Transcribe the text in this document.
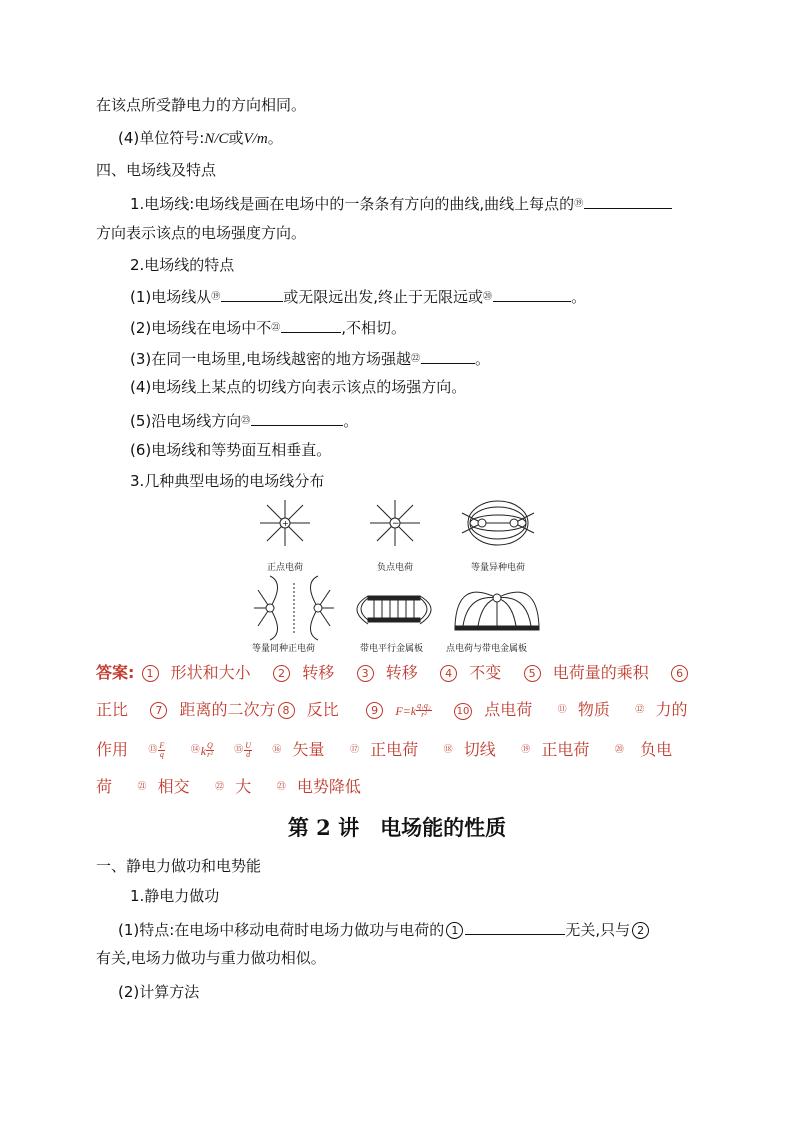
在该点所受静电力的方向相同。
(4)单位符号:N/C或V/m。
四、电场线及特点
1.电场线:电场线是画在电场中的一条条有方向的曲线,曲线上每点的⑲
方向表示该点的电场强度方向。
2.电场线的特点
(1)电场线从⑲	或无限远出发,终止于无限远或⑳	。
(2)电场线在电场中不㉑	,不相切。
(3)在同一电场里,电场线越密的地方场强越㉒	。
(4)电场线上某点的切线方向表示该点的场强方向。
(5)沿电场线方向㉓	。
(6)电场线和等势面互相垂直。
3.几种典型电场的电场线分布
+	−
正点电荷	负点电荷	等量异种电荷
等量同种正电荷	带电平行金属板	点电荷与带电金属板
答案: 1 形状和大小 2 转移 3 转移 4 不变 5 电荷量的乘积 6
正比 7 距离的二次方 8 反比	9 $F=k \frac{\text{q₁q₂}}{\text{r²}} 10$ 点电荷	⑪ 物质	⑫ 力的
作用 ⑬ $\frac{F}{q}$	⑭k $\frac{Q}{\text{r²}}$ ⑮ $\frac{U}{d}$ ⑯ 矢量	⑰ 正电荷	⑱ 切线	⑲ 正电荷	⑳ 负电
荷	㉑ 相交	㉒ 大	㉓ 电势降低
第 2 讲　电场能的性质
一、静电力做功和电势能
1.静电力做功
(1)特点:在电场中移动电荷时电场力做功与电荷的 1	无关,只与 2
有关,电场力做功与重力做功相似。
(2)计算方法
